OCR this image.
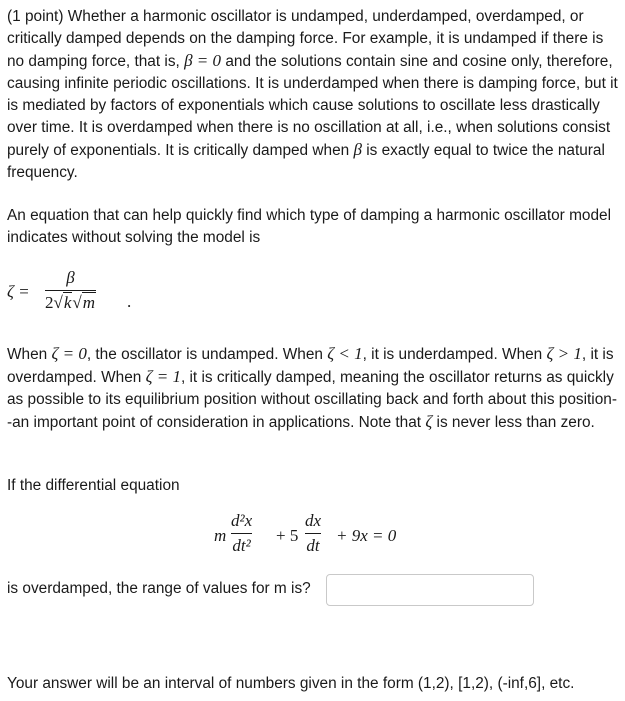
(1 point) Whether a harmonic oscillator is undamped, underdamped, overdamped, or critically damped depends on the damping force. For example, it is undamped if there is no damping force, that is, β = 0 and the solutions contain sine and cosine only, therefore, causing infinite periodic oscillations. It is underdamped when there is damping force, but it is mediated by factors of exponentials which cause solutions to oscillate less drastically over time. It is overdamped when there is no oscillation at all, i.e., when solutions consist purely of exponentials. It is critically damped when β is exactly equal to twice the natural frequency.

An equation that can help quickly find which type of damping a harmonic oscillator model indicates without solving the model is

ζ =
β
2√k√m .

When ζ = 0, the oscillator is undamped. When ζ < 1, it is underdamped. When ζ > 1, it is overdamped. When ζ = 1, it is critically damped, meaning the oscillator returns as quickly as possible to its equilibrium position without oscillating back and forth about this position--an important point of consideration in applications. Note that ζ is never less than zero.

If the differential equation

m
d²x
dt²
+ 5
dx
dt
+ 9x = 0

is overdamped, the range of values for m is?

Your answer will be an interval of numbers given in the form (1,2), [1,2), (-inf,6], etc.
